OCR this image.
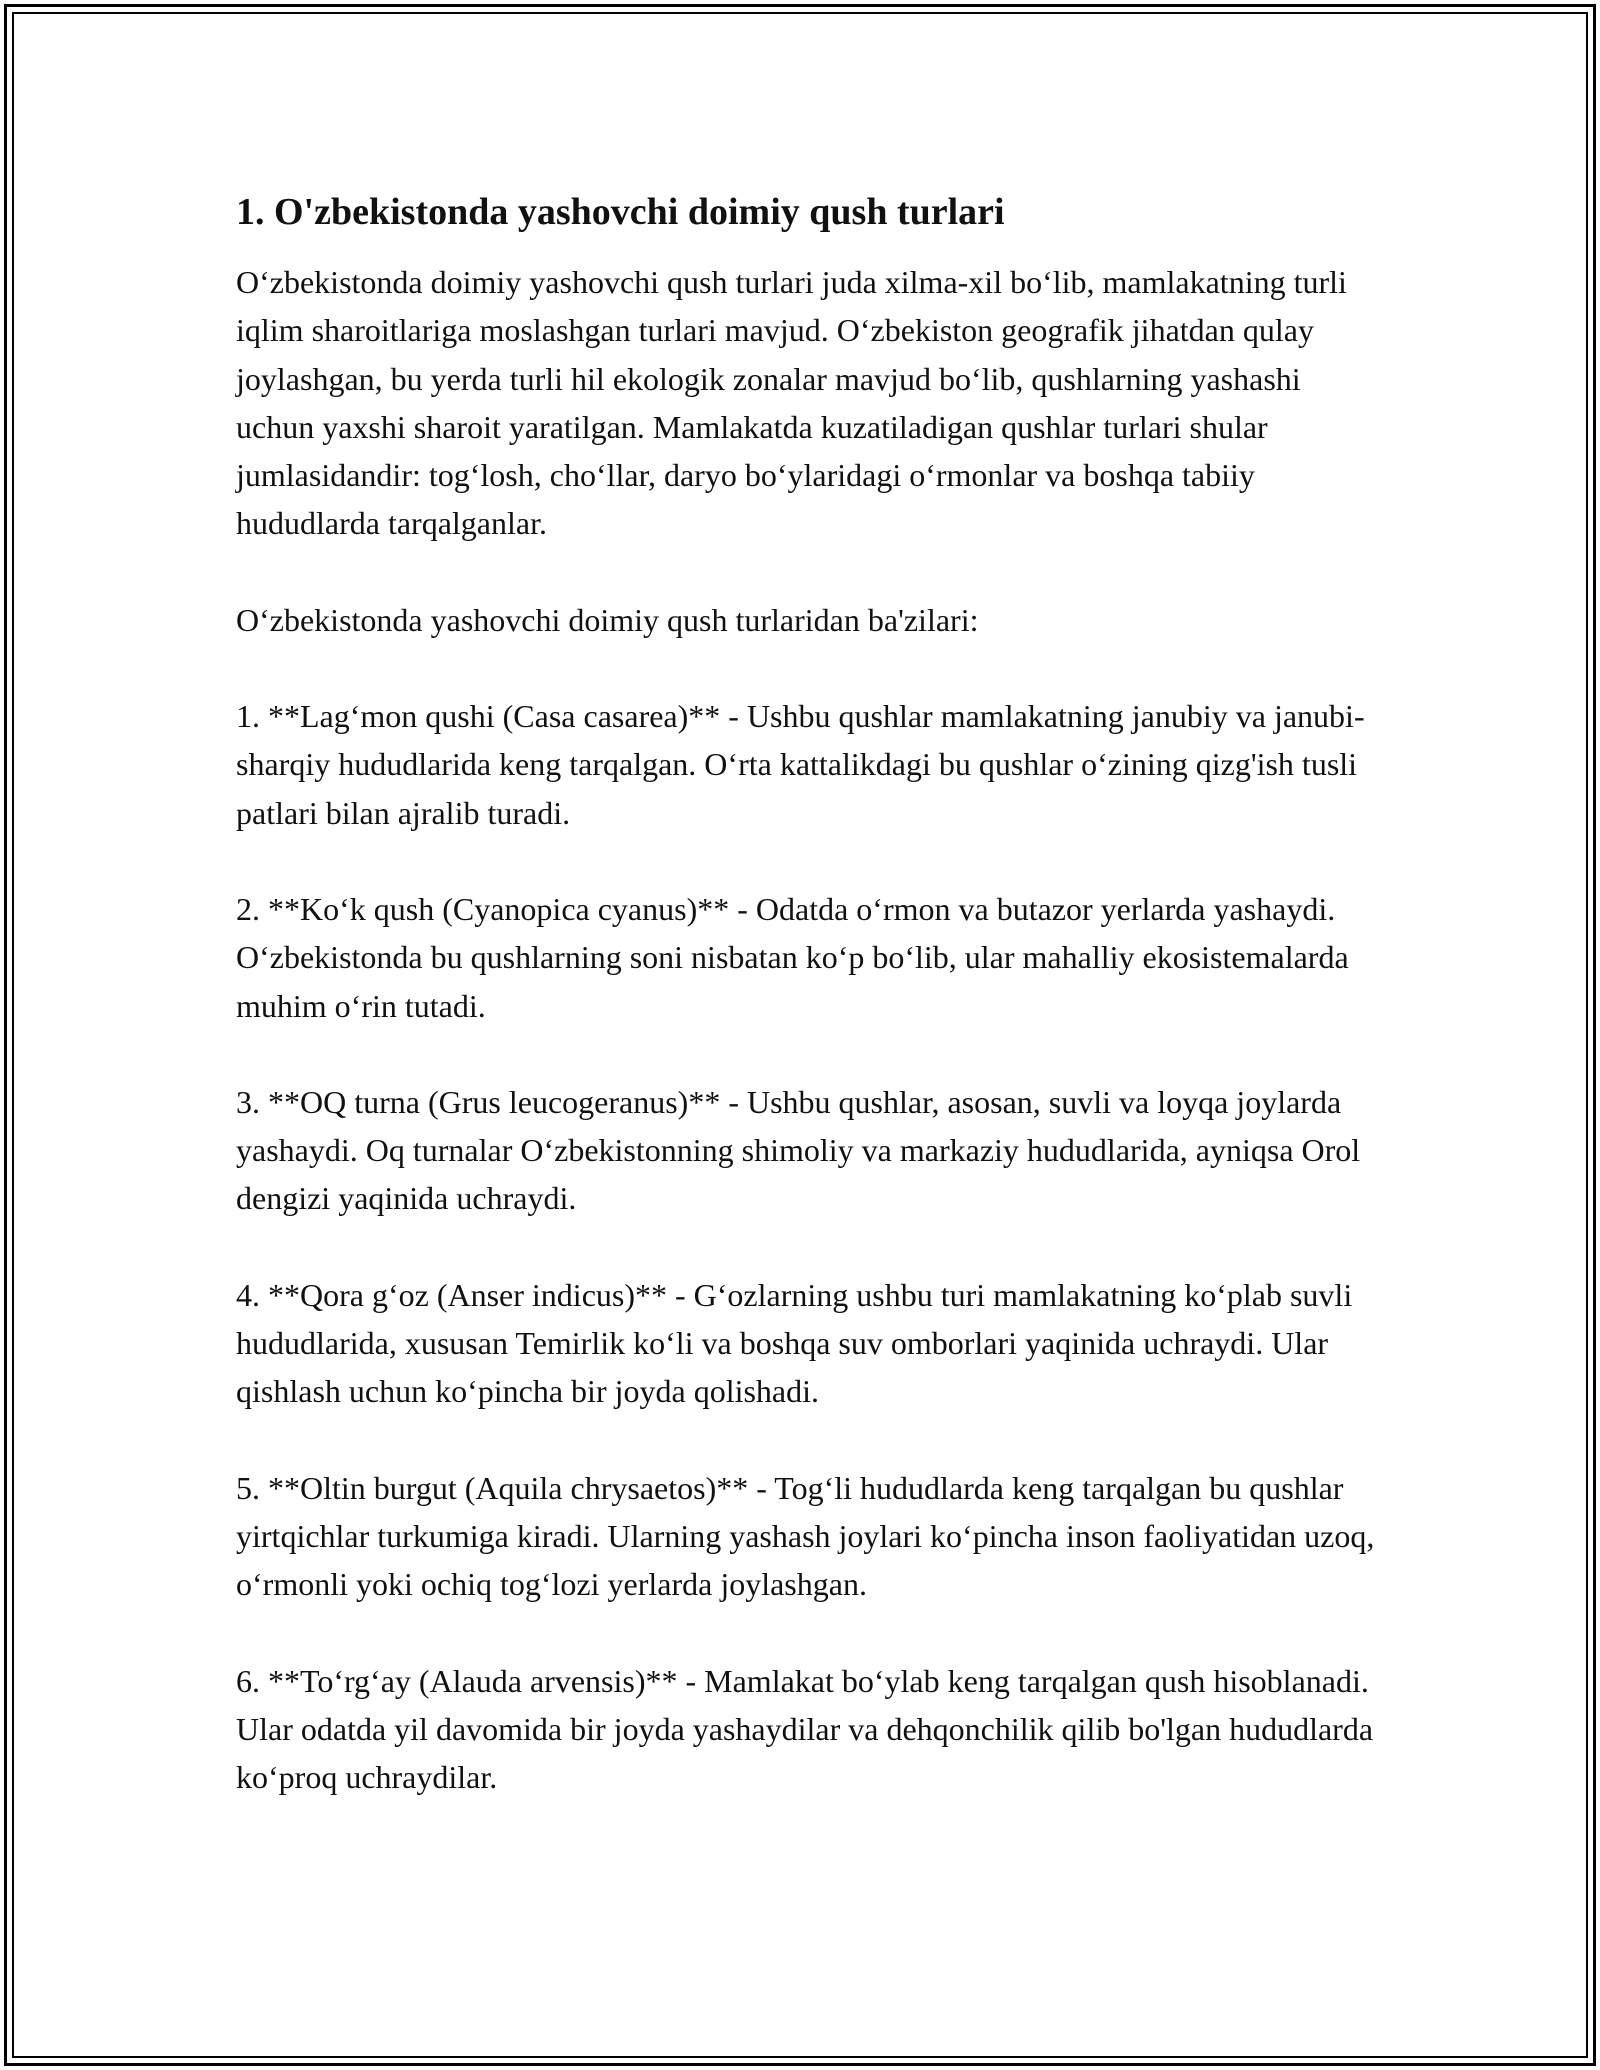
1. O'zbekistonda yashovchi doimiy qush turlari

O‘zbekistonda doimiy yashovchi qush turlari juda xilma-xil bo‘lib, mamlakatning turli iqlim sharoitlariga moslashgan turlari mavjud. O‘zbekiston geografik jihatdan qulay joylashgan, bu yerda turli hil ekologik zonalar mavjud bo‘lib, qushlarning yashashi uchun yaxshi sharoit yaratilgan. Mamlakatda kuzatiladigan qushlar turlari shular jumlasidandir: tog‘losh, cho‘llar, daryo bo‘ylaridagi o‘rmonlar va boshqa tabiiy hududlarda tarqalganlar.

O‘zbekistonda yashovchi doimiy qush turlaridan ba'zilari:

1. **Lag‘mon qushi (Casa casarea)** - Ushbu qushlar mamlakatning janubiy va janubi-sharqiy hududlarida keng tarqalgan. O‘rta kattalikdagi bu qushlar o‘zining qizg'ish tusli patlari bilan ajralib turadi.

2. **Ko‘k qush (Cyanopica cyanus)** - Odatda o‘rmon va butazor yerlarda yashaydi. O‘zbekistonda bu qushlarning soni nisbatan ko‘p bo‘lib, ular mahalliy ekosistemalarda muhim o‘rin tutadi.

3. **OQ turna (Grus leucogeranus)** - Ushbu qushlar, asosan, suvli va loyqa joylarda yashaydi. Oq turnalar O‘zbekistonning shimoliy va markaziy hududlarida, ayniqsa Orol dengizi yaqinida uchraydi.

4. **Qora g‘oz (Anser indicus)** - G‘ozlarning ushbu turi mamlakatning ko‘plab suvli hududlarida, xususan Temirlik ko‘li va boshqa suv omborlari yaqinida uchraydi. Ular qishlash uchun ko‘pincha bir joyda qolishadi.

5. **Oltin burgut (Aquila chrysaetos)** - Tog‘li hududlarda keng tarqalgan bu qushlar yirtqichlar turkumiga kiradi. Ularning yashash joylari ko‘pincha inson faoliyatidan uzoq, o‘rmonli yoki ochiq tog‘lozi yerlarda joylashgan.

6. **To‘rg‘ay (Alauda arvensis)** - Mamlakat bo‘ylab keng tarqalgan qush hisoblanadi. Ular odatda yil davomida bir joyda yashaydilar va dehqonchilik qilib bo'lgan hududlarda ko‘proq uchraydilar.
